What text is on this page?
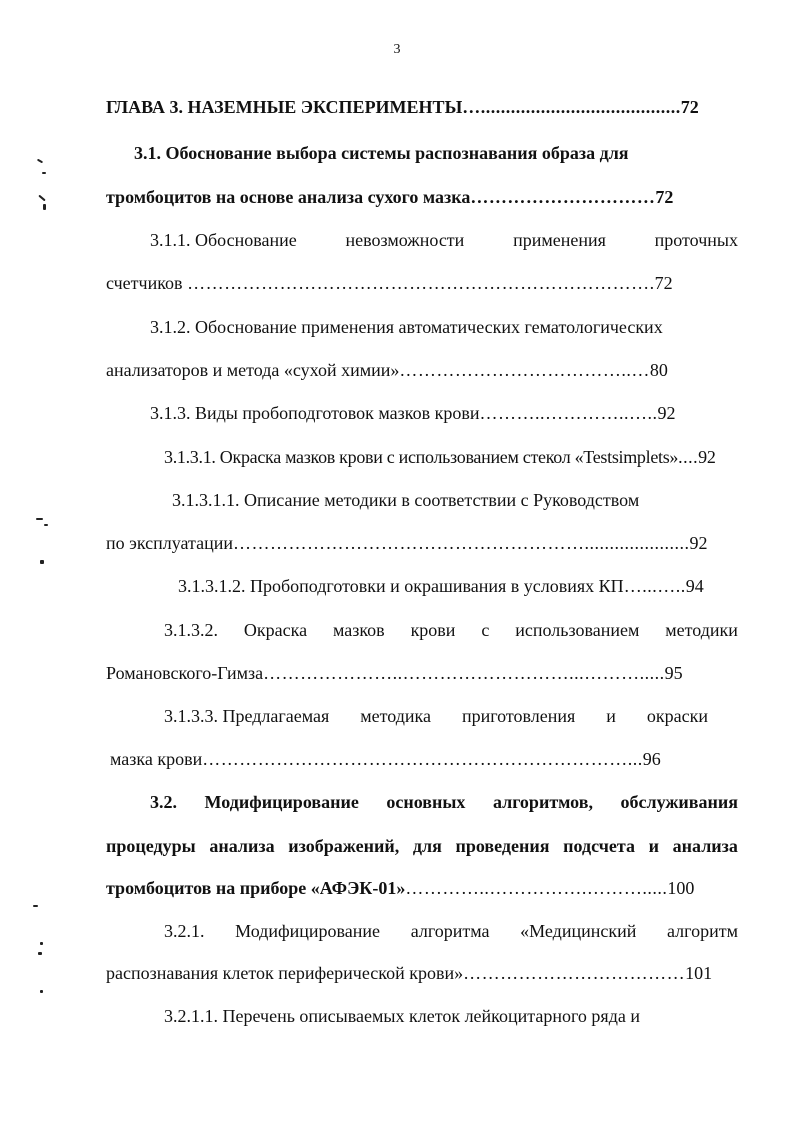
3
ГЛАВА 3. НАЗЕМНЫЕ ЭКСПЕРИМЕНТЫ…........................................72
3.1. Обоснование выбора системы распознавания образа для
тромбоцитов на основе анализа сухого мазка…………………………72
3.1.1. Обоснование	невозможности	применения	проточных
счетчиков ………………………………………………………………….72
3.1.2. Обоснование применения автоматических гематологических
анализаторов и метода «сухой химии»………………………………..…80
3.1.3. Виды пробоподготовок мазков крови………..…………..…..92
3.1.3.1. Окраска мазков крови с использованием стекол «Testsimplets»....92
3.1.3.1.1. Описание методики в соответствии с Руководством
по эксплуатации………………………………………………….....................92
3.1.3.1.2. Пробоподготовки и окрашивания в условиях КП…...…..94
3.1.3.2. Окраска мазков крови с использованием методики
Романовского-Гимза…………………..………………………...……….....95
3.1.3.3. Предлагаемая методика приготовления и окраски
мазка крови……………………………………………………………...96
3.2. Модифицирование основных алгоритмов, обслуживания
процедуры анализа изображений, для проведения подсчета и анализа
тромбоцитов на приборе «АФЭК-01»…………..…………….……….....100
3.2.1. Модифицирование алгоритма «Медицинский алгоритм
распознавания клеток периферической крови»………………………………101
3.2.1.1. Перечень описываемых клеток лейкоцитарного ряда и
